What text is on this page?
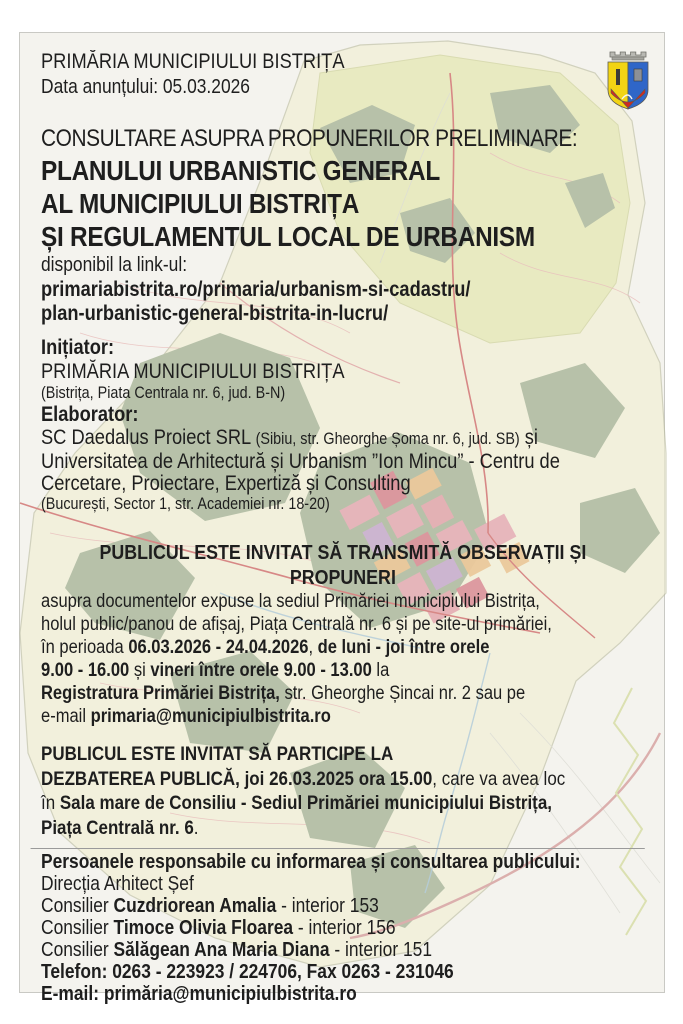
PRIMĂRIA MUNICIPIULUI BISTRIȚA
Data anunțului: 05.03.2026
CONSULTARE ASUPRA PROPUNERILOR PRELIMINARE:
PLANULUI URBANISTIC GENERAL
AL MUNICIPIULUI BISTRIȚA
ȘI REGULAMENTUL LOCAL DE URBANISM
disponibil la link-ul:
primariabistrita.ro/primaria/urbanism-si-cadastru/
plan-urbanistic-general-bistrita-in-lucru/
Inițiator:
PRIMĂRIA MUNICIPIULUI BISTRIȚA
(Bistrița, Piata Centrala nr. 6, jud. B-N)
Elaborator:
SC Daedalus Proiect SRL (Sibiu, str. Gheorghe Șoma nr. 6, jud. SB) și
Universitatea de Arhitectură și Urbanism ”Ion Mincu” - Centru de
Cercetare, Proiectare, Expertiză și Consulting
(București, Sector 1, str. Academiei nr. 18-20)
PUBLICUL ESTE INVITAT SĂ TRANSMITĂ OBSERVAȚII ȘI
PROPUNERI
asupra documentelor expuse la sediul Primăriei municipiului Bistrița,
holul public/panou de afișaj, Piața Centrală nr. 6 și pe site-ul primăriei,
în perioada 06.03.2026 - 24.04.2026, de luni - joi între orele
9.00 - 16.00 și vineri între orele 9.00 - 13.00 la
Registratura Primăriei Bistrița, str. Gheorghe Șincai nr. 2 sau pe
e-mail primaria@municipiulbistrita.ro
PUBLICUL ESTE INVITAT SĂ PARTICIPE LA
DEZBATEREA PUBLICĂ, joi 26.03.2025 ora 15.00, care va avea loc
în Sala mare de Consiliu - Sediul Primăriei municipiului Bistrița,
Piața Centrală nr. 6.
Persoanele responsabile cu informarea și consultarea publicului:
Direcția Arhitect Șef
Consilier Cuzdriorean Amalia - interior 153
Consilier Timoce Olivia Floarea - interior 156
Consilier Sălăgean Ana Maria Diana - interior 151
Telefon: 0263 - 223923 / 224706, Fax 0263 - 231046
E-mail: primăria@municipiulbistrita.ro
